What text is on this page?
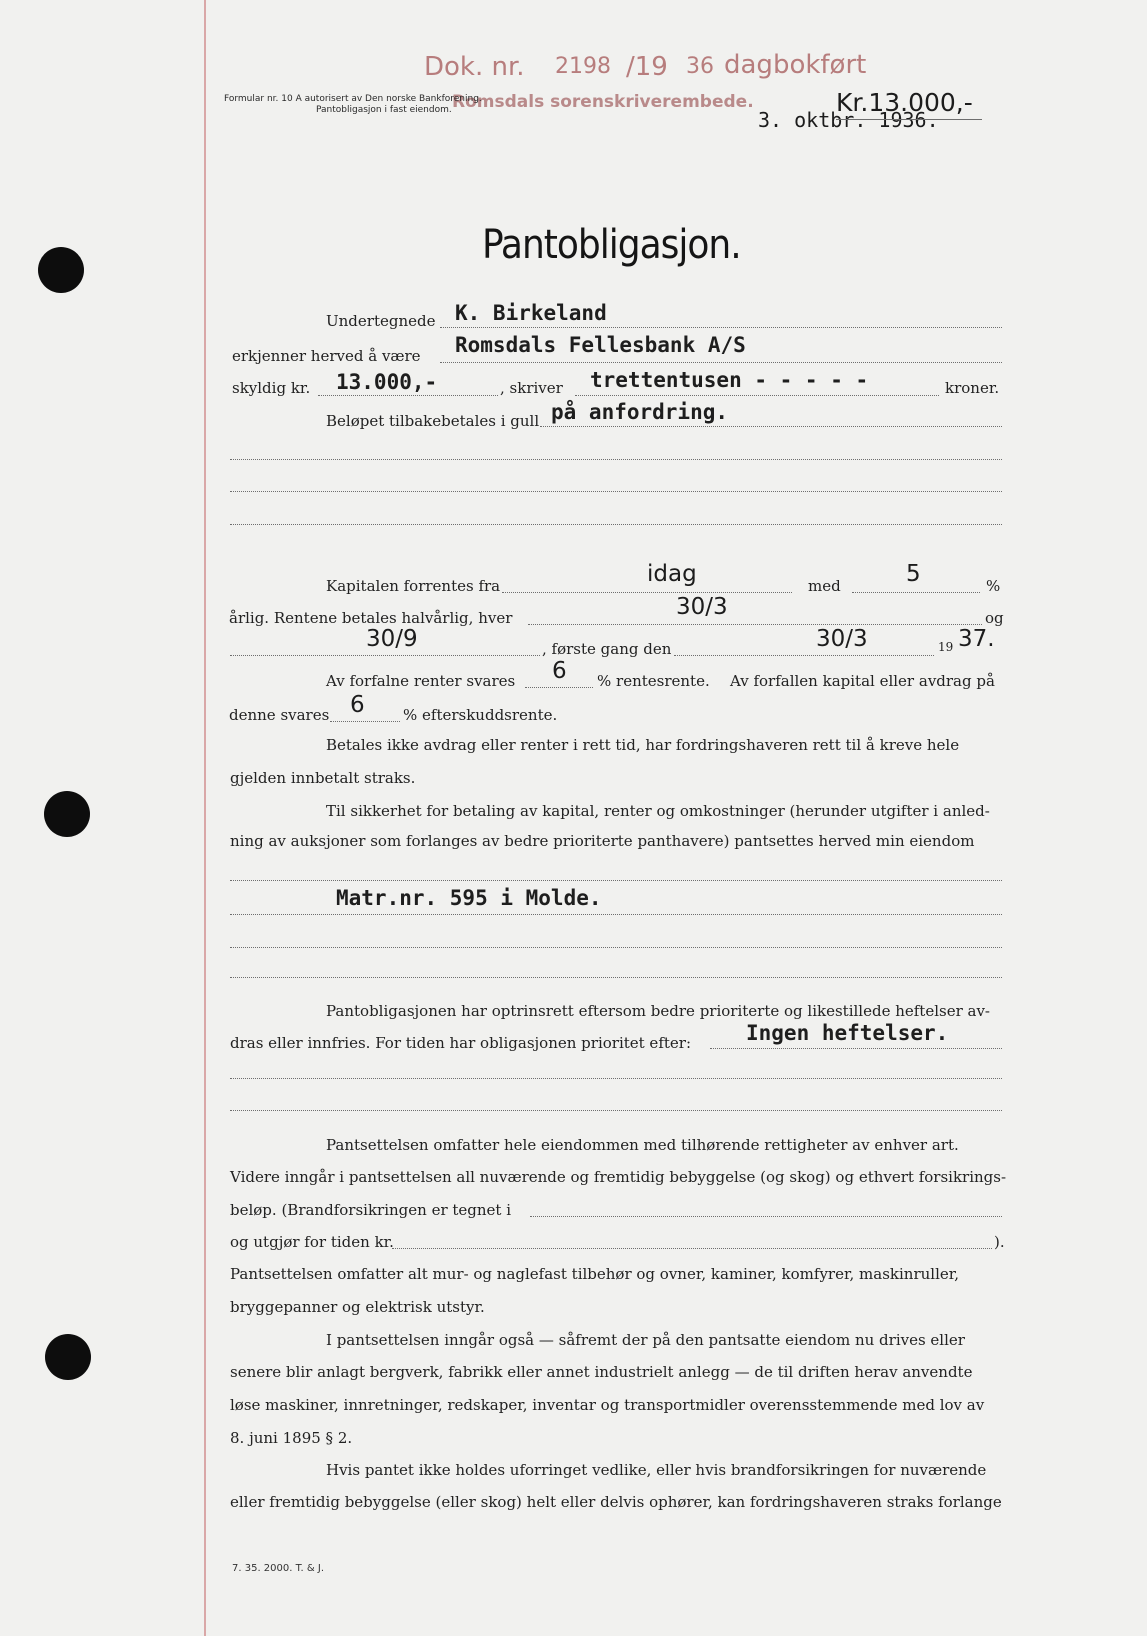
Dok. nr. 2198 /19 36 dagbokført
Romsdals sorenskriverembede.
Formular nr. 10 A autorisert av Den norske Bankforening.
Pantobligasjon i fast eiendom.	3. oktbr. 1936.
Kr.13.000,-
Pantobligasjon.
Undertegnede K. Birkeland
erkjenner herved å være Romsdals Fellesbank A/S
skyldig kr. 13.000,-	, skriver trettentusen - - - - -	kroner.
Beløpet tilbakebetales i gull på anfordring.
Kapitalen forrentes fra	idag	med	5	%
årlig. Rentene betales halvårlig, hver	30/3	og
30/9	, første gang den	30/3	19 37.
Av forfalne renter svares 6 % rentesrente. Av forfallen kapital eller avdrag på
denne svares 6	% efterskuddsrente.
Betales ikke avdrag eller renter i rett tid, har fordringshaveren rett til å kreve hele
gjelden innbetalt straks.
Til sikkerhet for betaling av kapital, renter og omkostninger (herunder utgifter i anled-
ning av auksjoner som forlanges av bedre prioriterte panthavere) pantsettes herved min eiendom
Matr.nr. 595 i Molde.
Pantobligasjonen har optrinsrett eftersom bedre prioriterte og likestillede heftelser av-
dras eller innfries. For tiden har obligasjonen prioritet efter:	Ingen heftelser.
Pantsettelsen omfatter hele eiendommen med tilhørende rettigheter av enhver art.
Videre inngår i pantsettelsen all nuværende og fremtidig bebyggelse (og skog) og ethvert forsikrings-
beløp. (Brandforsikringen er tegnet i
og utgjør for tiden kr.	).
Pantsettelsen omfatter alt mur- og naglefast tilbehør og ovner, kaminer, komfyrer, maskinruller,
bryggepanner og elektrisk utstyr.
I pantsettelsen inngår også — såfremt der på den pantsatte eiendom nu drives eller
senere blir anlagt bergverk, fabrikk eller annet industrielt anlegg — de til driften herav anvendte
løse maskiner, innretninger, redskaper, inventar og transportmidler overensstemmende med lov av
8. juni 1895 § 2.
Hvis pantet ikke holdes uforringet vedlike, eller hvis brandforsikringen for nuværende
eller fremtidig bebyggelse (eller skog) helt eller delvis ophører, kan fordringshaveren straks forlange
7. 35. 2000. T. & J.
